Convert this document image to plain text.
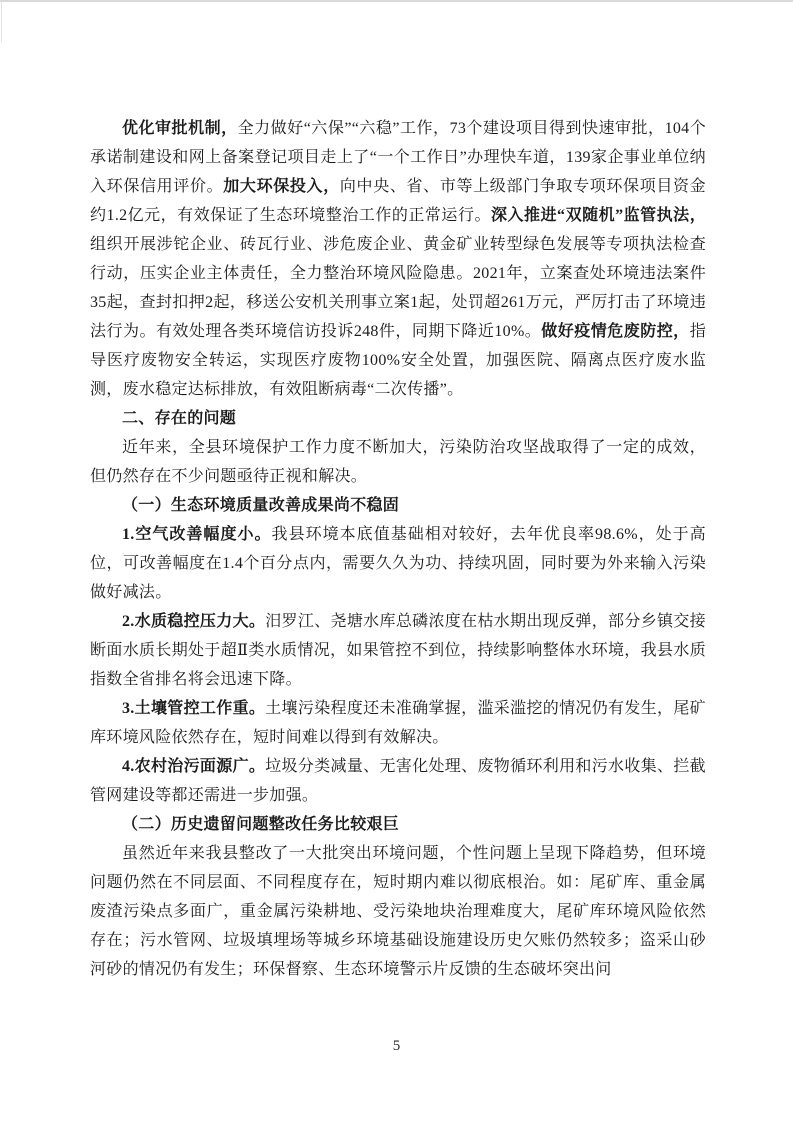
优化审批机制，全力做好“六保”“六稳”工作，73个建设项目得到快速审批，104个承诺制建设和网上备案登记项目走上了“一个工作日”办理快车道，139家企事业单位纳入环保信用评价。加大环保投入，向中央、省、市等上级部门争取专项环保项目资金约1.2亿元，有效保证了生态环境整治工作的正常运行。深入推进“双随机”监管执法，组织开展涉铊企业、砖瓦行业、涉危废企业、黄金矿业转型绿色发展等专项执法检查行动，压实企业主体责任，全力整治环境风险隐患。2021年，立案查处环境违法案件35起，查封扣押2起，移送公安机关刑事立案1起，处罚超261万元，严厉打击了环境违法行为。有效处理各类环境信访投诉248件，同期下降近10%。做好疫情危废防控，指导医疗废物安全转运，实现医疗废物100%安全处置，加强医院、隔离点医疗废水监测，废水稳定达标排放，有效阻断病毒“二次传播”。

二、存在的问题

近年来，全县环境保护工作力度不断加大，污染防治攻坚战取得了一定的成效，但仍然存在不少问题亟待正视和解决。

（一）生态环境质量改善成果尚不稳固

1.空气改善幅度小。我县环境本底值基础相对较好，去年优良率98.6%，处于高位，可改善幅度在1.4个百分点内，需要久久为功、持续巩固，同时要为外来输入污染做好减法。

2.水质稳控压力大。汨罗江、尧塘水库总磷浓度在枯水期出现反弹，部分乡镇交接断面水质长期处于超Ⅱ类水质情况，如果管控不到位，持续影响整体水环境，我县水质指数全省排名将会迅速下降。

3.土壤管控工作重。土壤污染程度还未准确掌握，滥采滥挖的情况仍有发生，尾矿库环境风险依然存在，短时间难以得到有效解决。

4.农村治污面源广。垃圾分类减量、无害化处理、废物循环利用和污水收集、拦截管网建设等都还需进一步加强。

（二）历史遗留问题整改任务比较艰巨

虽然近年来我县整改了一大批突出环境问题，个性问题上呈现下降趋势，但环境问题仍然在不同层面、不同程度存在，短时期内难以彻底根治。如：尾矿库、重金属废渣污染点多面广，重金属污染耕地、受污染地块治理难度大，尾矿库环境风险依然存在；污水管网、垃圾填埋场等城乡环境基础设施建设历史欠账仍然较多；盗采山砂河砂的情况仍有发生；环保督察、生态环境警示片反馈的生态破坏突出问

5
